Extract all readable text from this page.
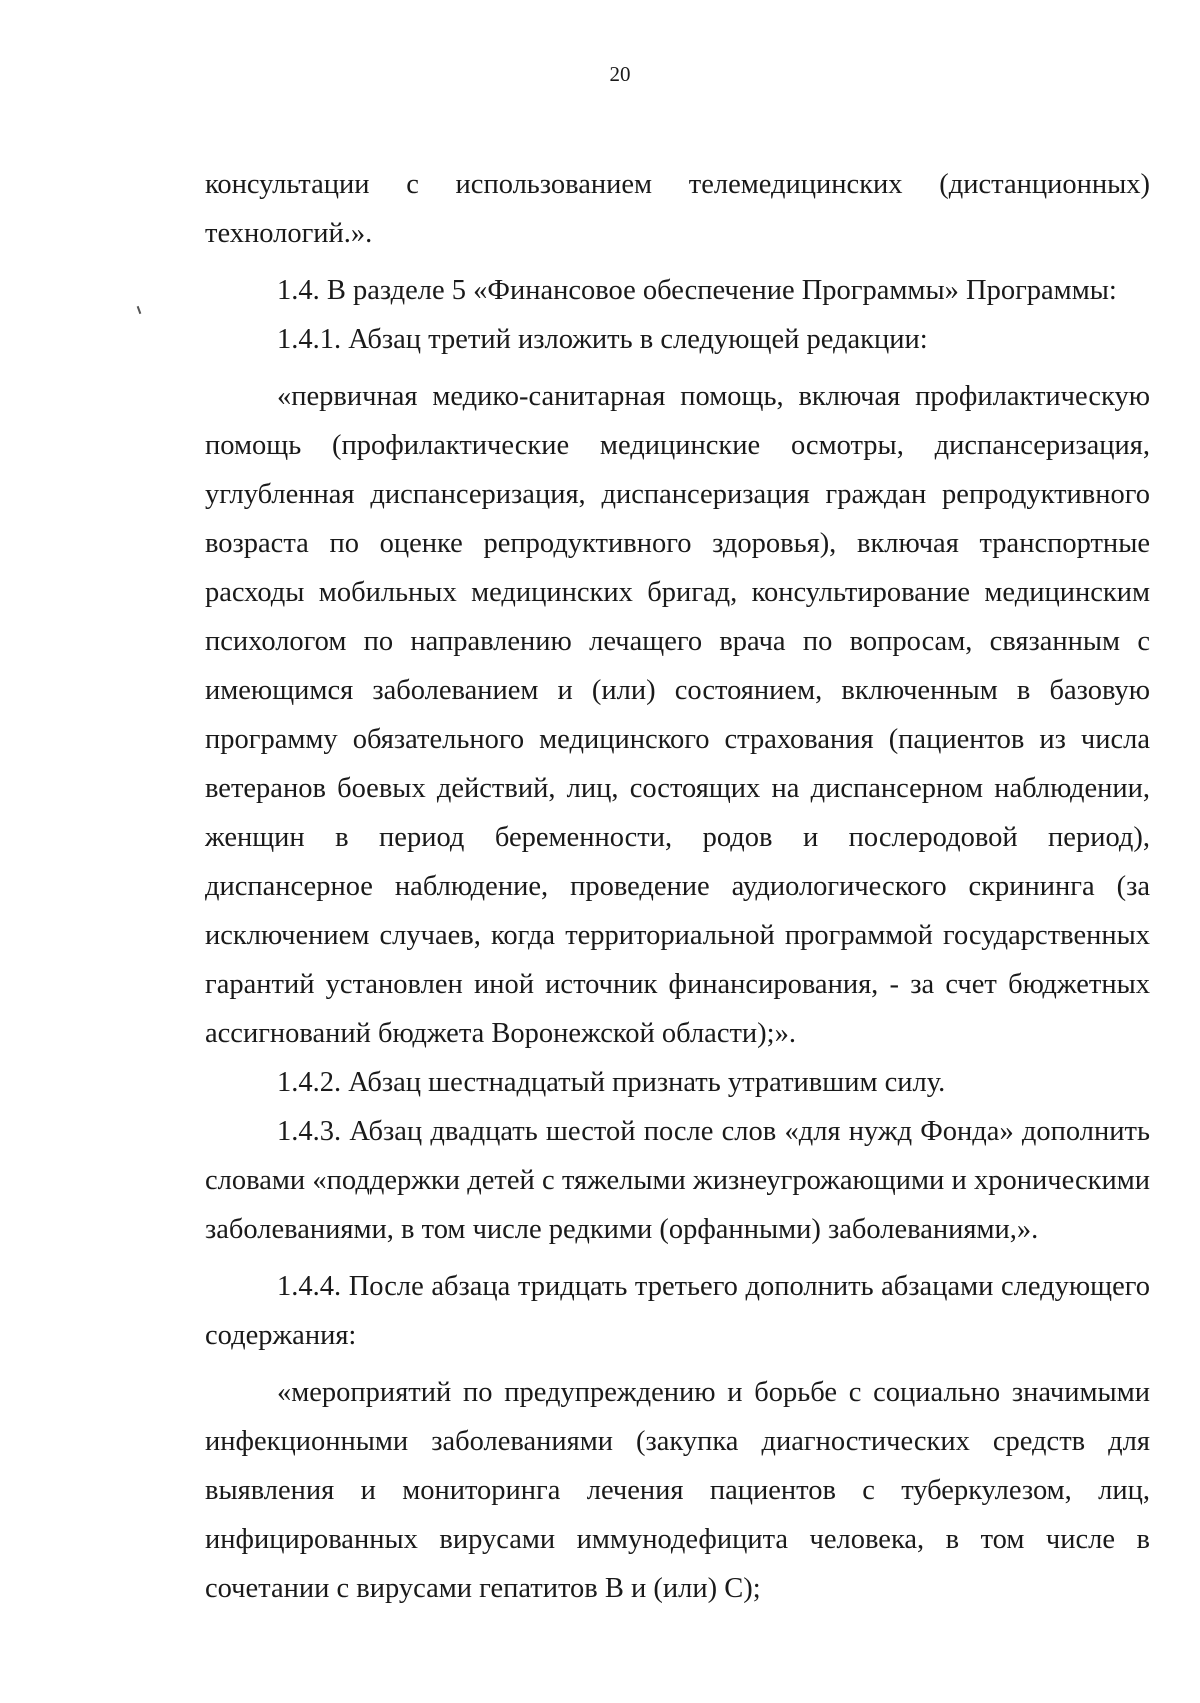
20

консультации с использованием телемедицинских (дистанционных) технологий.».

1.4. В разделе 5 «Финансовое обеспечение Программы» Программы:

1.4.1. Абзац третий изложить в следующей редакции:

«первичная медико-санитарная помощь, включая профилактическую помощь (профилактические медицинские осмотры, диспансеризация, углубленная диспансеризация, диспансеризация граждан репродуктивного возраста по оценке репродуктивного здоровья), включая транспортные расходы мобильных медицинских бригад, консультирование медицинским психологом по направлению лечащего врача по вопросам, связанным с имеющимся заболеванием и (или) состоянием, включенным в базовую программу обязательного медицинского страхования (пациентов из числа ветеранов боевых действий, лиц, состоящих на диспансерном наблюдении, женщин в период беременности, родов и послеродовой период), диспансерное наблюдение, проведение аудиологического скрининга (за исключением случаев, когда территориальной программой государственных гарантий установлен иной источник финансирования, - за счет бюджетных ассигнований бюджета Воронежской области);».

1.4.2. Абзац шестнадцатый признать утратившим силу.

1.4.3. Абзац двадцать шестой после слов «для нужд Фонда» дополнить словами «поддержки детей с тяжелыми жизнеугрожающими и хроническими заболеваниями, в том числе редкими (орфанными) заболеваниями,».

1.4.4. После абзаца тридцать третьего дополнить абзацами следующего содержания:

«мероприятий по предупреждению и борьбе с социально значимыми инфекционными заболеваниями (закупка диагностических средств для выявления и мониторинга лечения пациентов с туберкулезом, лиц, инфицированных вирусами иммунодефицита человека, в том числе в сочетании с вирусами гепатитов В и (или) С);
